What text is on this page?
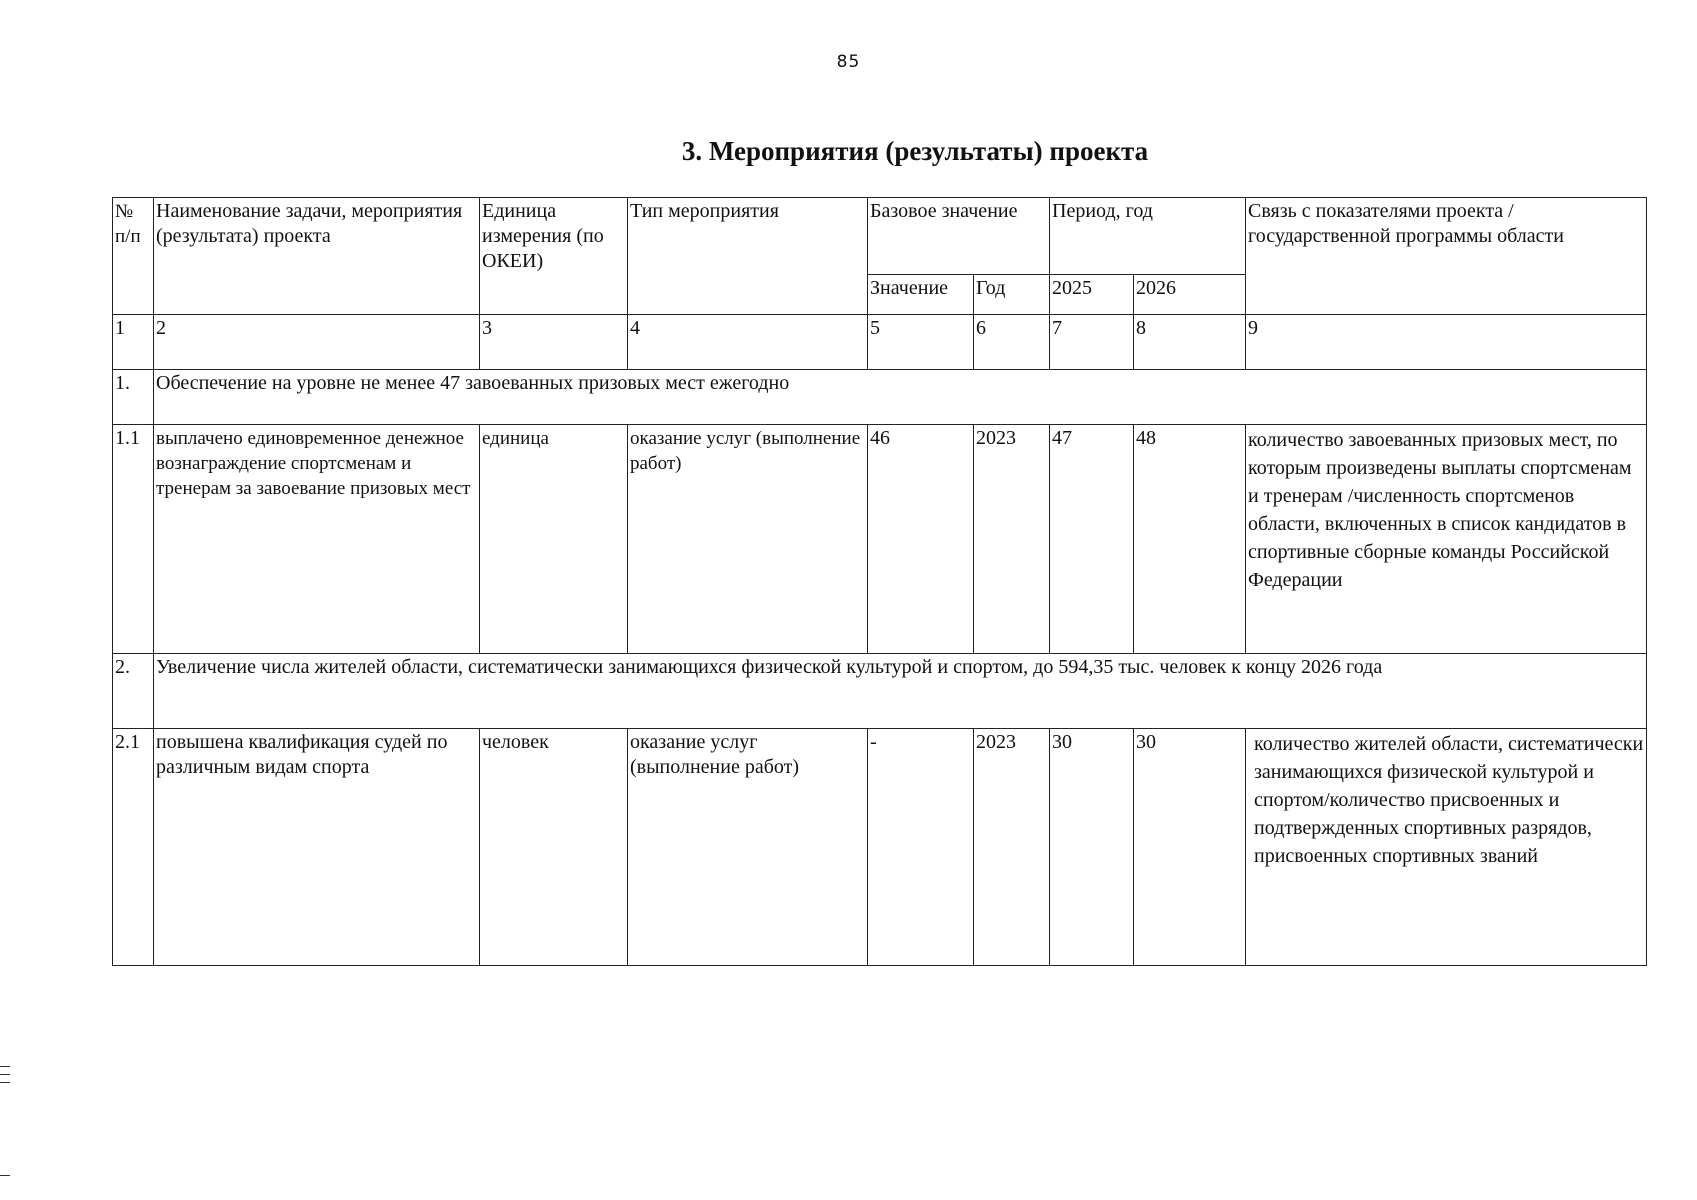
85
3. Мероприятия (результаты) проекта
№ п/п	Наименование задачи, мероприятия (результата) проекта	Единица измерения (по ОКЕИ)	Тип мероприятия	Базовое значение		Период, год		Связь с показателями проекта / государственной программы области
				Значение	Год	2025	2026	
1	2	3	4	5	6	7	8	9
1.	Обеспечение на уровне не менее 47 завоеванных призовых мест ежегодно							
1.1	выплачено единовременное денежное вознаграждение спортсменам и тренерам за завоевание призовых мест	единица	оказание услуг (выполнение работ)	46	2023	47	48	количество завоеванных призовых мест, по которым произведены выплаты спортсменам и тренерам /численность спортсменов области, включенных в список кандидатов в спортивные сборные команды Российской Федерации
2.	Увеличение числа жителей области, систематически занимающихся физической культурой и спортом, до 594,35 тыс. человек к концу 2026 года							
2.1	повышена квалификация судей по различным видам спорта	человек	оказание услуг (выполнение работ)	-	2023	30	30	количество жителей области, систематически занимающихся физической культурой и спортом/количество присвоенных и подтвержденных спортивных разрядов, присвоенных спортивных званий
